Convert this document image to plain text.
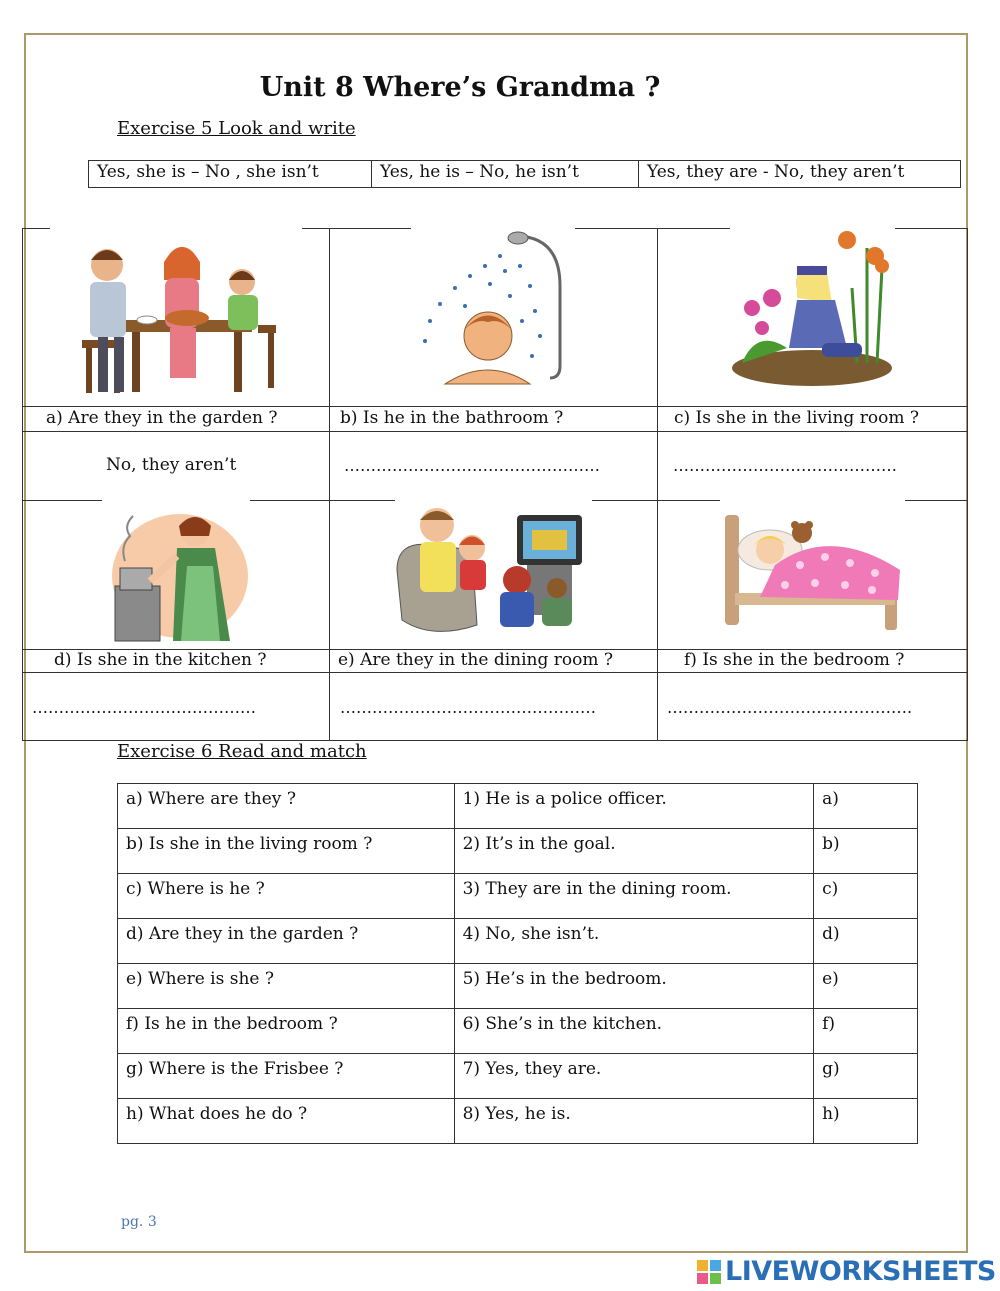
Unit 8 Where’s Grandma ?
Exercise 5 Look and write
Yes, she is – No , she isn’t	Yes, he is – No, he isn’t	Yes, they are - No, they aren’t
a) Are they in the garden ?	b) Is he in the bathroom ?	c) Is she in the living room ?
No, they aren’t	…………………………………………	……………………………………
d) Is she in the kitchen ?	e) Are they in the dining room ?	f) Is she in the bedroom ?
……………………………………	…………………………………………	……………………………………….
Exercise 6 Read and match
a) Where are they ?	1) He is a police officer.	a)
b) Is she in the living room ?	2) It’s in the goal.	b)
c) Where is he ?	3) They are in the dining room.	c)
d) Are they in the garden ?	4) No, she isn’t.	d)
e) Where is she ?	5) He’s in the bedroom.	e)
f) Is he in the bedroom ?	6) She’s in the kitchen.	f)
g) Where is the Frisbee ?	7) Yes, they are.	g)
h) What does he do ?	8) Yes, he is.	h)
pg. 3
LIVEWORKSHEETS
